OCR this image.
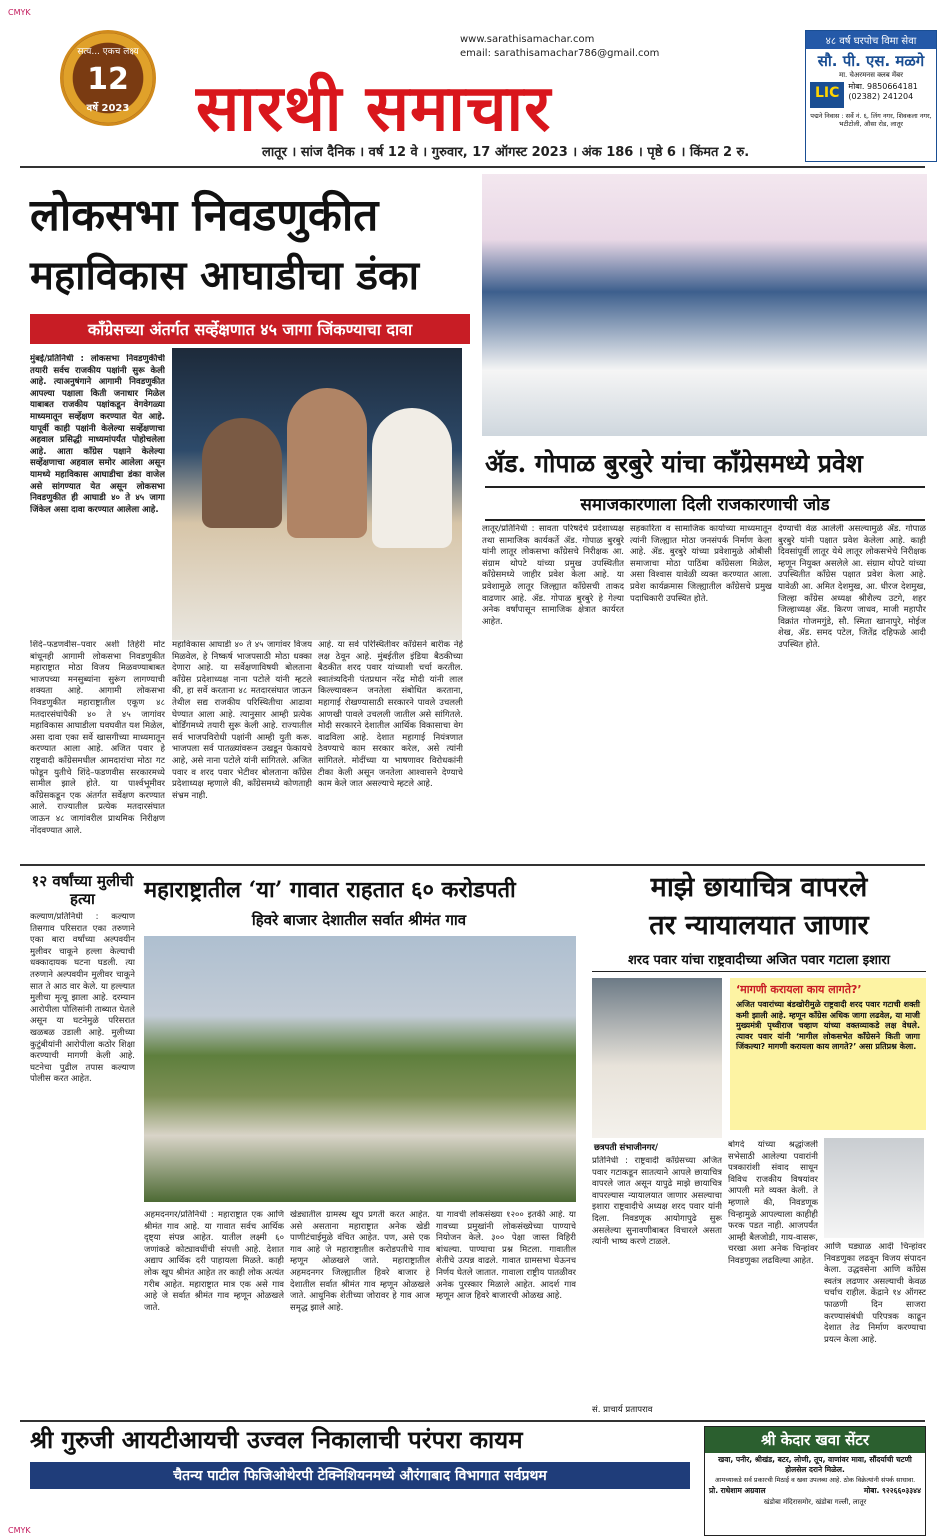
CMYK
सत्य... एकच लक्ष्य
12
वर्षे 2023
www.sarathisamachar.com
email: sarathisamachar786@gmail.com
सारथी समाचार
लातूर । सांज दैनिक । वर्ष 12 वे । गुरुवार, 17 ऑगस्ट 2023 । अंक 186 । पृष्ठे 6 । किंमत 2 रु.
४८ वर्ष घरपोच विमा सेवा
सौ. पी. एस. मळगे
मा. चेअरमनस क्लब मेंबर
LIC	मोबा. 9850664181
(02382) 241204
पद्मने निवास : सर्वे नं. ६, लिंग नगर, शिवकला नगर, भटीटोली, औसा रोड, लातूर
लोकसभा निवडणुकीत
महाविकास आघाडीचा डंका
काँग्रेसच्या अंतर्गत सर्व्हेक्षणात ४५ जागा जिंकण्याचा दावा
मुंबई/प्रतिनिधी : लोकसभा निवडणुकीची तयारी सर्वच राजकीय पक्षांनी सुरू केली आहे. त्याअनुषंगाने आगामी निवडणुकीत आपल्या पक्षाला किती जनाधार मिळेल याबाबत राजकीय पक्षांकडून वेगवेगळ्या माध्यमातून सर्व्हेक्षण करण्यात येत आहे. यापूर्वी काही पक्षांनी केलेल्या सर्व्हेक्षणाचा अहवाल प्रसिद्धी माध्यमांपर्यंत पोहोचलेला आहे. आता काँग्रेस पक्षाने केलेल्या सर्व्हेक्षणाचा अहवाल समोर आलेला असून यामध्ये महाविकास आघाडीचा डंका वाजेल असे सांगण्यात येत असून लोकसभा निवडणुकीत ही आघाडी ४० ते ४५ जागा जिंकेल असा दावा करण्यात आलेला आहे.
शिंदे–फडणवीस–पवार अशी तिहेरी मोट बांधूनही आगामी लोकसभा निवडणुकीत महाराष्ट्रात मोठा विजय मिळवण्याबाबत भाजपच्या मनसुब्यांना सुरूंग लागण्याची शक्यता आहे. आगामी लोकसभा निवडणुकीत महाराष्ट्रातील एकूण ४८ मतदारसंघांपैकी ४० ते ४५ जागांवर महाविकास आघाडीला घवघवीत यश मिळेल, असा दावा एका सर्वे खासगीच्या माध्यमातून करण्यात आला आहे. अजित पवार हे राष्ट्रवादी काँग्रेसमधील आमदारांचा मोठा गट फोडून युतीचे शिंदे–फडणवीस सरकारमध्ये सामील झाले होते. या पार्श्वभूमीवर काँग्रेसकडून एक अंतर्गत सर्वेक्षण करण्यात आले. राज्यातील प्रत्येक मतदारसंघात जाऊन ४८ जागांवरील प्राथमिक निरीक्षण नोंदवण्यात आले.
महाविकास आघाडी ४० ते ४५ जागांवर विजय मिळवेल, हे निष्कर्ष भाजपसाठी मोठा धक्का देणारा आहे. या सर्वेक्षणाविषयी बोलताना काँग्रेस प्रदेशाध्यक्ष नाना पटोले यांनी म्हटले की, हा सर्वे करताना ४८ मतदारसंघात जाऊन तेथील सद्य राजकीय परिस्थितीचा आढावा घेण्यात आला आहे. त्यानुसार आम्ही प्रत्येक बोर्डिंगमध्ये तयारी सुरू केली आहे. राज्यातील सर्व भाजपविरोधी पक्षांनी आम्ही युती करू. भाजपला सर्व पातळ्यांवरून उखडून फेकायचे आहे, असे नाना पटोले यांनी सांगितले. अजित पवार व शरद पवार भेटीवर बोलताना काँग्रेस प्रदेशाध्यक्ष म्हणाले की, काँग्रेसमध्ये कोणताही संभ्रम नाही.
आहे. या सर्व परिस्थितीवर काँग्रेसने बारीक नेहे लक्ष ठेवून आहे. मुंबईतील इंडिया बैठकीच्या बैठकीत शरद पवार यांच्याशी चर्चा करतील. स्वातंत्र्यदिनी पंतप्रधान नरेंद्र मोदी यांनी लाल किल्ल्यावरून जनतेला संबोधित करताना, महागाई रोखण्यासाठी सरकारने पावले उचलली आणखी पावले उचलली जातील असे सांगितले. मोदी सरकारने देशातील आर्थिक विकासाचा वेग वाढविला आहे. देशात महागाई नियंत्रणात ठेवण्याचे काम सरकार करेल, असे त्यांनी सांगितले. मोदींच्या या भाषणावर विरोधकांनी टीका केली असून जनतेला आश्वासने देण्याचे काम केले जात असल्याचे म्हटले आहे.
ॲड. गोपाळ बुरबुरे यांचा काँग्रेसमध्ये प्रवेश
समाजकारणाला दिली राजकारणाची जोड
लातूर/प्रतिनिधी : सावता परिषदेचे प्रदेशाध्यक्ष तथा सामाजिक कार्यकर्ते ॲड. गोपाळ बुरबुरे यांनी लातूर लोकसभा काँग्रेसचे निरीक्षक आ. संग्राम थोपटे यांच्या प्रमुख उपस्थितीत काँग्रेसमध्ये जाहीर प्रवेश केला आहे. या प्रवेशामुळे लातूर जिल्ह्यात काँग्रेसची ताकद वाढणार आहे. ॲड. गोपाळ बुरबुरे हे गेल्या अनेक वर्षांपासून सामाजिक क्षेत्रात कार्यरत आहेत.
सहकारिता व सामाजिक कार्याच्या माध्यमातून त्यांनी जिल्ह्यात मोठा जनसंपर्क निर्माण केला आहे. ॲड. बुरबुरे यांच्या प्रवेशामुळे ओबीसी समाजाचा मोठा पाठिंबा काँग्रेसला मिळेल, असा विश्वास यावेळी व्यक्त करण्यात आला. प्रवेश कार्यक्रमास जिल्ह्यातील काँग्रेसचे प्रमुख पदाधिकारी उपस्थित होते.
देण्याची वेळ आलेली असल्यामुळे ॲड. गोपाळ बुरबुरे यांनी पक्षात प्रवेश केलेला आहे. काही दिवसांपूर्वी लातूर येथे लातूर लोकसभेचे निरीक्षक म्हणून नियुक्त असलेले आ. संग्राम थोपटे यांच्या उपस्थितीत काँग्रेस पक्षात प्रवेश केला आहे. यावेळी आ. अमित देशमुख, आ. धीरज देशमुख, जिल्हा काँग्रेस अध्यक्ष श्रीशैल्य उटगे, शहर जिल्हाध्यक्ष ॲड. किरण जाधव, माजी महापौर विक्रांत गोजमगुंडे, सौ. स्मिता खानापुरे, मोईज शेख, ॲड. समद पटेल, जितेंद्र दहिफळे आदी उपस्थित होते.
१२ वर्षांच्या मुलीची हत्या
कल्याण/प्रतिनिधी : कल्याण तिसगाव परिसरात एका तरुणाने एका बारा वर्षांच्या अल्पवयीन मुलीवर चाकूने हल्ला केल्याची धक्कादायक घटना घडली. त्या तरुणाने अल्पवयीन मुलीवर चाकूने सात ते आठ वार केले. या हल्ल्यात मुलीचा मृत्यू झाला आहे. दरम्यान आरोपीला पोलिसांनी ताब्यात घेतले असून या घटनेमुळे परिसरात खळबळ उडाली आहे. मुलीच्या कुटुंबीयांनी आरोपीला कठोर शिक्षा करण्याची मागणी केली आहे. घटनेचा पुढील तपास कल्याण पोलीस करत आहेत.
महाराष्ट्रातील ‘या’ गावात राहतात ६० करोडपती
हिवरे बाजार देशातील सर्वात श्रीमंत गाव
अहमदनगर/प्रतिनिधी : महाराष्ट्रात एक आणि श्रीमंत गाव आहे. या गावात सर्वच आर्थिक दृष्ट्या संपन्न आहेत. यातील लक्ष्मी ६० जणांकडे कोट्यावधींची संपत्ती आहे. देशात अद्याप आर्थिक दरी पाहायला मिळते. काही लोक खूप श्रीमंत आहेत तर काही लोक अत्यंत गरीब आहेत. महाराष्ट्रात मात्र एक असे गाव आहे जे सर्वात श्रीमंत गाव म्हणून ओळखले जाते.
खेड्यातील ग्रामस्थ खूप प्रगती करत आहेत. असे असताना महाराष्ट्रात अनेक खेडी पाणीटंचाईमुळे वंचित आहेत. पण, असे एक गाव आहे जे महाराष्ट्रातील करोडपतीचे गाव म्हणून ओळखले जाते. महाराष्ट्रातील अहमदनगर जिल्ह्यातील हिवरे बाजार हे देशातील सर्वात श्रीमंत गाव म्हणून ओळखले जाते. आधुनिक शेतीच्या जोरावर हे गाव आज समृद्ध झाले आहे.
या गावची लोकसंख्या १२०० इतकी आहे. या गावच्या प्रमुखांनी लोकसंख्येच्या पाण्याचे नियोजन केले. ३०० पेक्षा जास्त विहिरी बांधल्या. पाण्याचा प्रश्न मिटला. गावातील शेतीचे उत्पन्न वाढले. गावात ग्रामसभा घेऊनच निर्णय घेतले जातात. गावाला राष्ट्रीय पातळीवर अनेक पुरस्कार मिळाले आहेत. आदर्श गाव म्हणून आज हिवरे बाजारची ओळख आहे.
माझे छायाचित्र वापरले
तर न्यायालयात जाणार
शरद पवार यांचा राष्ट्रवादीच्या अजित पवार गटाला इशारा
‘मागणी करायला काय लागते?’
अजित पवारांच्या बंडखोरीमुळे राष्ट्रवादी शरद पवार गटाची शक्ती कमी झाली आहे. म्हणून काँग्रेस अधिक जागा लढवेल, या माजी मुख्यमंत्री पृथ्वीराज चव्हाण यांच्या वक्तव्याकडे लक्ष वेधले. त्यावर पवार यांनी ‘मागील लोकसभेत काँग्रेसने किती जागा जिंकल्या? मागणी करायला काय लागते?’ असा प्रतिप्रश्न केला.
छत्रपती संभाजीनगर/
प्रतिनिधी : राष्ट्रवादी काँग्रेसच्या अजित पवार गटाकडून सातत्याने आपले छायाचित्र वापरले जात असून यापुढे माझे छायाचित्र वापरल्यास न्यायालयात जाणार असल्याचा इशारा राष्ट्रवादीचे अध्यक्ष शरद पवार यांनी दिला. निवडणूक आयोगापुढे सुरू असलेल्या सुनावणीबाबत विचारले असता त्यांनी भाष्य करणे टाळले.
सं. प्राचार्य प्रतापराव
बोगदे यांच्या श्रद्धांजली सभेसाठी आलेल्या पवारांनी पत्रकारांशी संवाद साधून विविध राजकीय विषयांवर आपली मते व्यक्त केली. ते म्हणाले की, निवडणूक चिन्हामुळे आपल्याला काहीही फरक पडत नाही. आजपर्यंत आम्ही बैलजोडी, गाय-वासरू, चरखा अशा अनेक चिन्हांवर निवडणुका लढविल्या आहेत.
आणि घड्याळ आदी चिन्हांवर निवडणुका लढवून विजय संपादन केला. उद्धवसेना आणि काँग्रेस स्वतंत्र लढणार असल्याची केवळ चर्चाच राहील. केंद्राने १४ ऑगस्ट फाळणी दिन साजरा करण्यासंबंधी परिपत्रक काढून देशात तेढ निर्माण करण्याचा प्रयत्न केला आहे.
श्री गुरुजी आयटीआयची उज्वल निकालाची परंपरा कायम
चैतन्य पाटील फिजिओथेरपी टेक्निशियनमध्ये औरंगाबाद विभागात सर्वप्रथम
श्री केदार खवा सेंटर
खवा, पनीर, श्रीखंड, बटर, लोणी, तूप, वाणांवर मावा, सौंदर्याची चटणी होलसेल दराने मिळेल.
आमच्याकडे सर्व प्रकारची मिठाई व खवा उपलब्ध आहे. ठोक विक्रेत्यांनी संपर्क साधावा.
प्रो. राधेशाम अग्रवाल	मोबा. ९२२६६०३३४४
खंडोबा मंदिरासमोर, खंडोबा गल्ली, लातूर
CMYK
